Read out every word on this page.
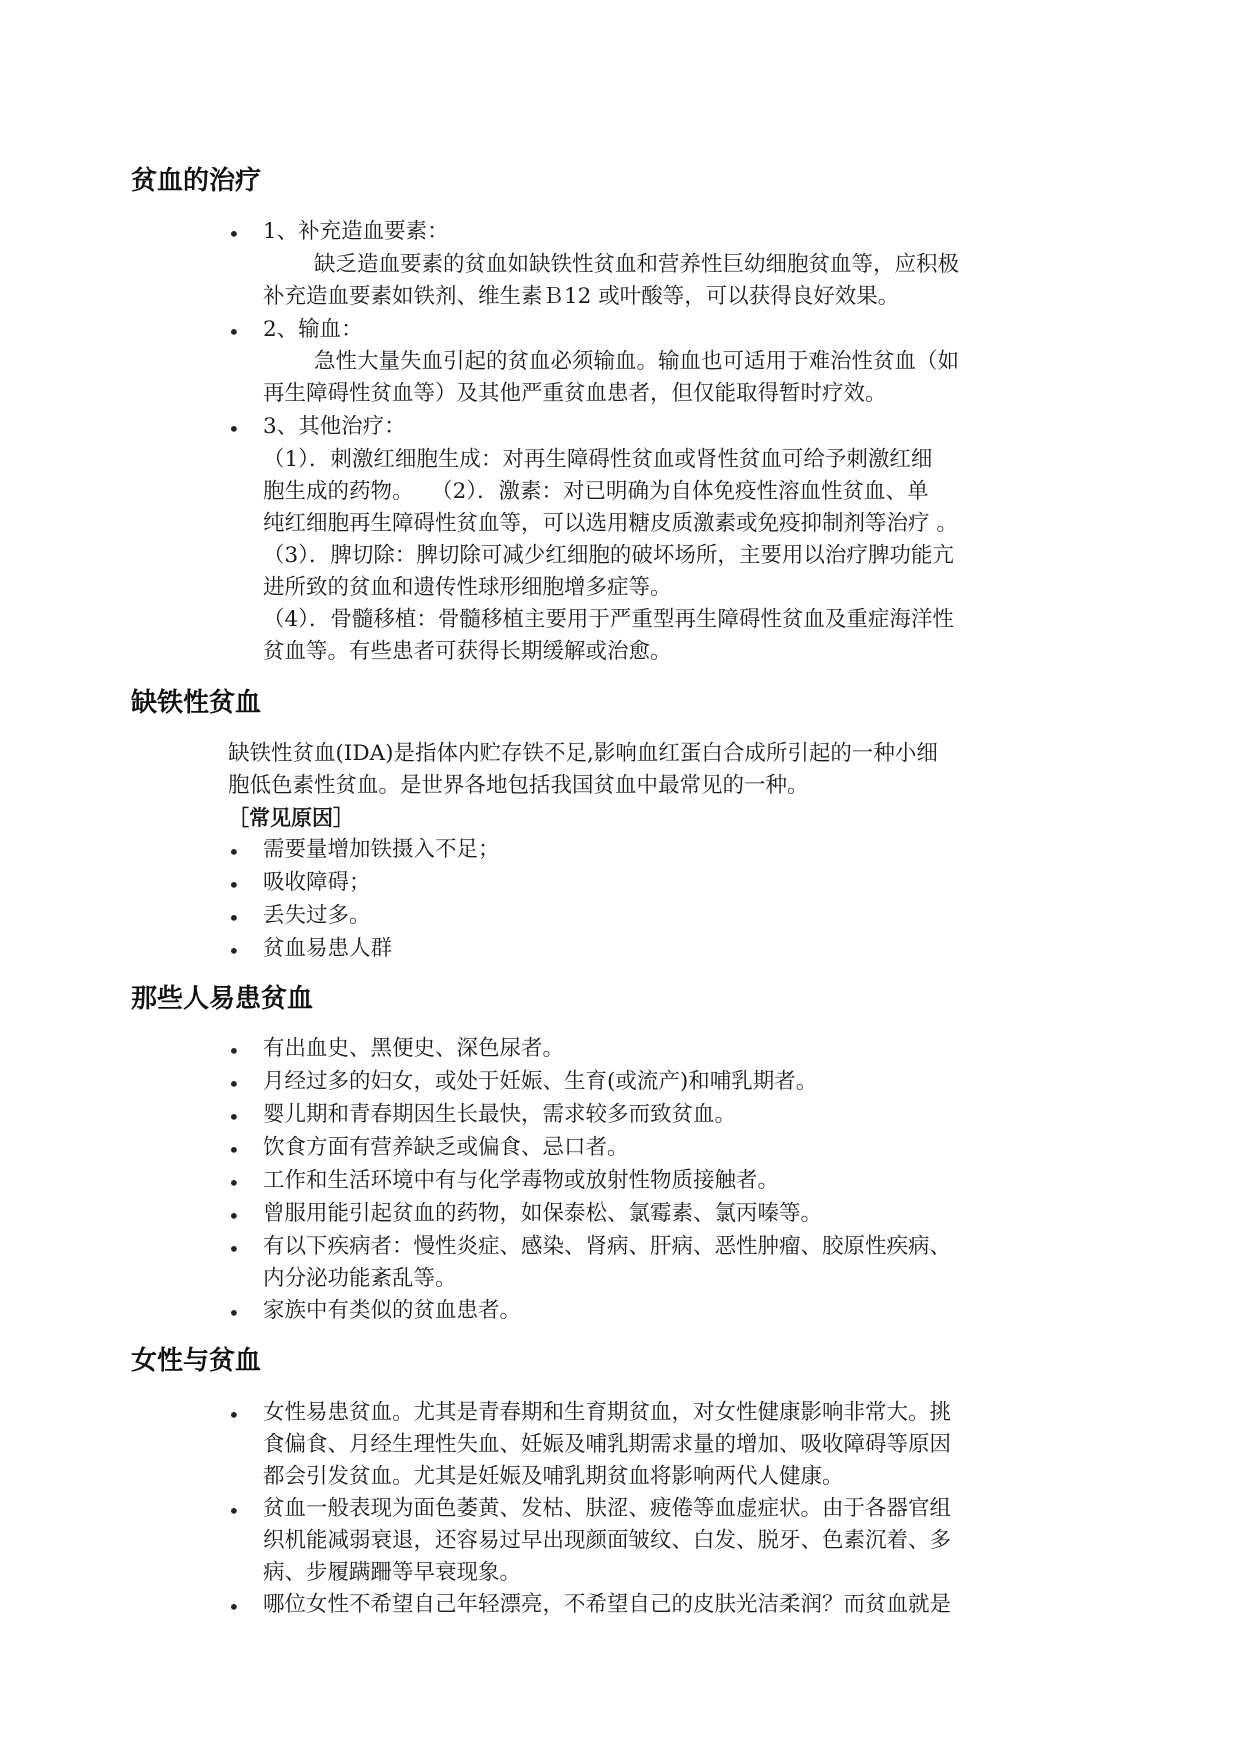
贫血的治疗
• 1、补充造血要素：

缺乏造血要素的贫血如缺铁性贫血和营养性巨幼细胞贫血等，应积极

补充造血要素如铁剂、维生素Ｂ12 或叶酸等，可以获得良好效果。

• 2、输血：

急性大量失血引起的贫血必须输血。输血也可适用于难治性贫血（如

再生障碍性贫血等）及其他严重贫血患者，但仅能取得暂时疗效。

• 3、其他治疗：

（1）．刺激红细胞生成：对再生障碍性贫血或肾性贫血可给予刺激红细

胞生成的药物。　 （2）．激素：对已明确为自体免疫性溶血性贫血、单

纯红细胞再生障碍性贫血等，可以选用糖皮质激素或免疫抑制剂等治疗 。

（3）．脾切除：脾切除可减少红细胞的破坏场所，主要用以治疗脾功能亢

进所致的贫血和遗传性球形细胞增多症等。

（4）．骨髓移植：骨髓移植主要用于严重型再生障碍性贫血及重症海洋性

贫血等。有些患者可获得长期缓解或治愈。

缺铁性贫血

缺铁性贫血(IDA)是指体内贮存铁不足,影响血红蛋白合成所引起的一种小细

胞低色素性贫血。是世界各地包括我国贫血中最常见的一种。

［常见原因］

• 需要量增加铁摄入不足；

• 吸收障碍；

• 丢失过多。

• 贫血易患人群

那些人易患贫血
• 有出血史、黑便史、深色尿者。

• 月经过多的妇女，或处于妊娠、生育(或流产)和哺乳期者。

• 婴儿期和青春期因生长最快，需求较多而致贫血。

• 饮食方面有营养缺乏或偏食、忌口者。

• 工作和生活环境中有与化学毒物或放射性物质接触者。

• 曾服用能引起贫血的药物，如保泰松、氯霉素、氯丙嗪等。

• 有以下疾病者：慢性炎症、感染、肾病、肝病、恶性肿瘤、胶原性疾病、

内分泌功能紊乱等。

• 家族中有类似的贫血患者。

女性与贫血
• 女性易患贫血。尤其是青春期和生育期贫血，对女性健康影响非常大。挑

食偏食、月经生理性失血、妊娠及哺乳期需求量的增加、吸收障碍等原因

都会引发贫血。尤其是妊娠及哺乳期贫血将影响两代人健康。

• 贫血一般表现为面色萎黄、发枯、肤涩、疲倦等血虚症状。由于各器官组

织机能减弱衰退，还容易过早出现颜面皱纹、白发、脱牙、色素沉着、多

病、步履蹒跚等早衰现象。

• 哪位女性不希望自己年轻漂亮，不希望自己的皮肤光洁柔润？而贫血就是
